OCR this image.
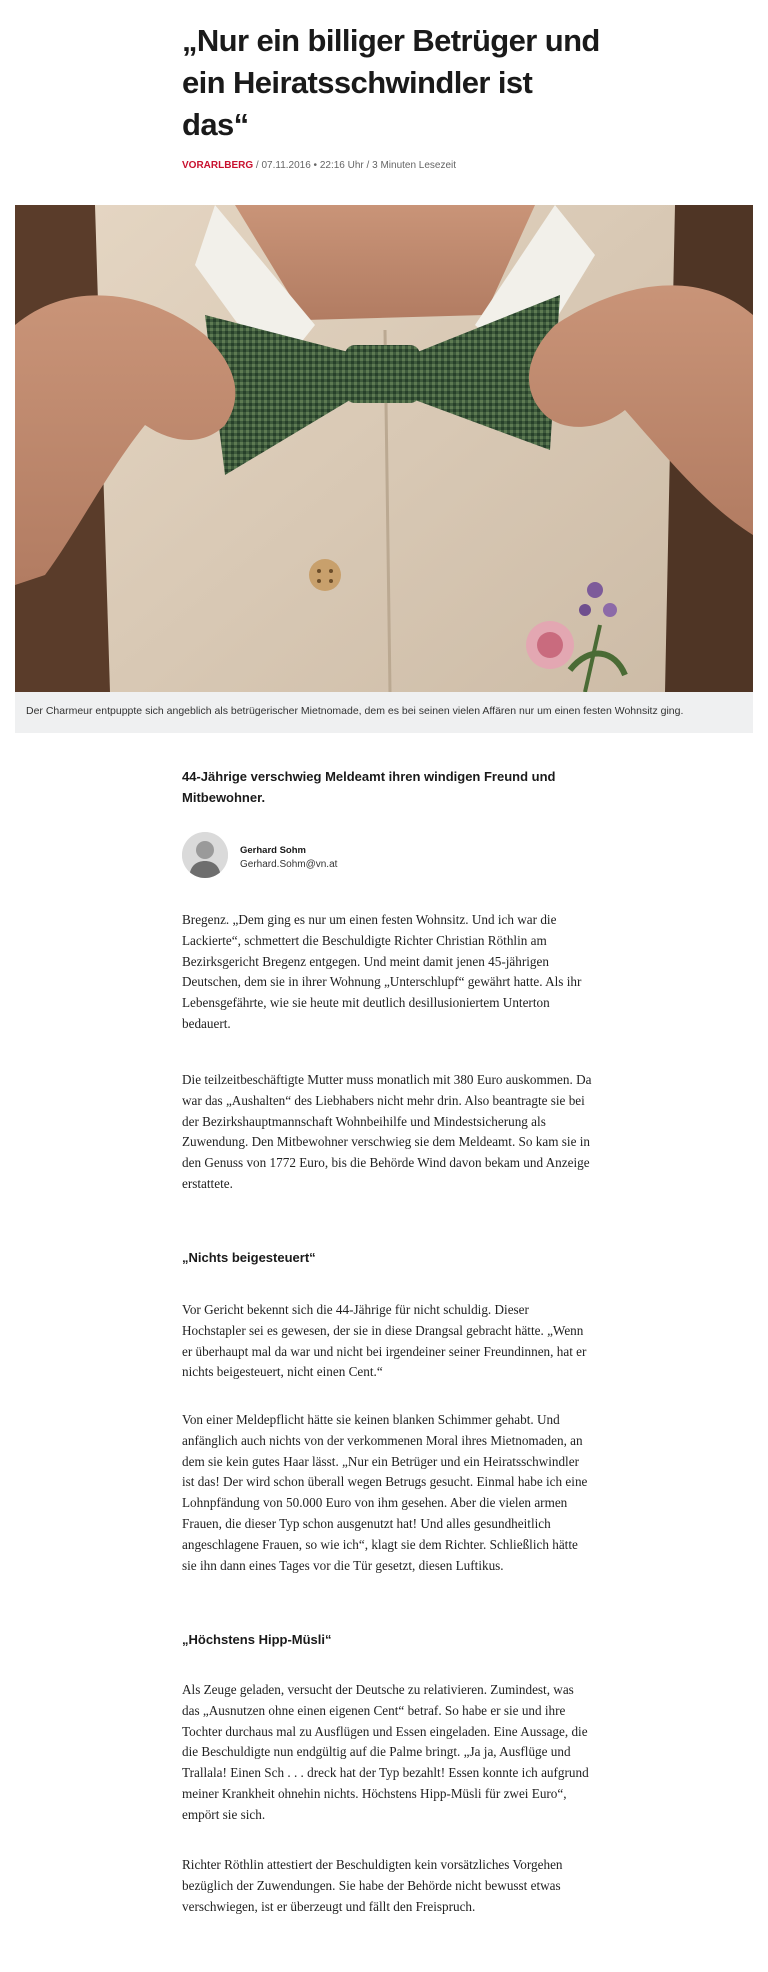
„Nur ein billiger Betrüger und ein Heiratsschwindler ist das“
VORARLBERG / 07.11.2016 • 22:16 Uhr / 3 Minuten Lesezeit
Der Charmeur entpuppte sich angeblich als betrügerischer Mietnomade, dem es bei seinen vielen Affären nur um einen festen Wohnsitz ging.

44-Jährige verschwieg Meldeamt ihren windigen Freund und Mitbewohner.

Gerhard Sohm
Gerhard.Sohm@vn.at

Bregenz. „Dem ging es nur um einen festen Wohnsitz. Und ich war die Lackierte“, schmettert die Beschuldigte Richter Christian Röthlin am Bezirksgericht Bregenz entgegen. Und meint damit jenen 45-jährigen Deutschen, dem sie in ihrer Wohnung „Unterschlupf“ gewährt hatte. Als ihr Lebensgefährte, wie sie heute mit deutlich desillusioniertem Unterton bedauert.

Die teilzeitbeschäftigte Mutter muss monatlich mit 380 Euro auskommen. Da war das „Aushalten“ des Liebhabers nicht mehr drin. Also beantragte sie bei der Bezirkshauptmannschaft Wohnbeihilfe und Mindestsicherung als Zuwendung. Den Mitbewohner verschwieg sie dem Meldeamt. So kam sie in den Genuss von 1772 Euro, bis die Behörde Wind davon bekam und Anzeige erstattete.

„Nichts beigesteuert“

Vor Gericht bekennt sich die 44-Jährige für nicht schuldig. Dieser Hochstapler sei es gewesen, der sie in diese Drangsal gebracht hätte. „Wenn er überhaupt mal da war und nicht bei irgendeiner seiner Freundinnen, hat er nichts beigesteuert, nicht einen Cent.“

Von einer Meldepflicht hätte sie keinen blanken Schimmer gehabt. Und anfänglich auch nichts von der verkommenen Moral ihres Mietnomaden, an dem sie kein gutes Haar lässt. „Nur ein Betrüger und ein Heiratsschwindler ist das! Der wird schon überall wegen Betrugs gesucht. Einmal habe ich eine Lohnpfändung von 50.000 Euro von ihm gesehen. Aber die vielen armen Frauen, die dieser Typ schon ausgenutzt hat! Und alles gesundheitlich angeschlagene Frauen, so wie ich“, klagt sie dem Richter. Schließlich hätte sie ihn dann eines Tages vor die Tür gesetzt, diesen Luftikus.

„Höchstens Hipp-Müsli“

Als Zeuge geladen, versucht der Deutsche zu relativieren. Zumindest, was das „Ausnutzen ohne einen eigenen Cent“ betraf. So habe er sie und ihre Tochter durchaus mal zu Ausflügen und Essen eingeladen. Eine Aussage, die die Beschuldigte nun endgültig auf die Palme bringt. „Ja ja, Ausflüge und Trallala! Einen Sch . . . dreck hat der Typ bezahlt! Essen konnte ich aufgrund meiner Krankheit ohnehin nichts. Höchstens Hipp-Müsli für zwei Euro“, empört sie sich.

Richter Röthlin attestiert der Beschuldigten kein vorsätzliches Vorgehen bezüglich der Zuwendungen. Sie habe der Behörde nicht bewusst etwas verschwiegen, ist er überzeugt und fällt den Freispruch.
